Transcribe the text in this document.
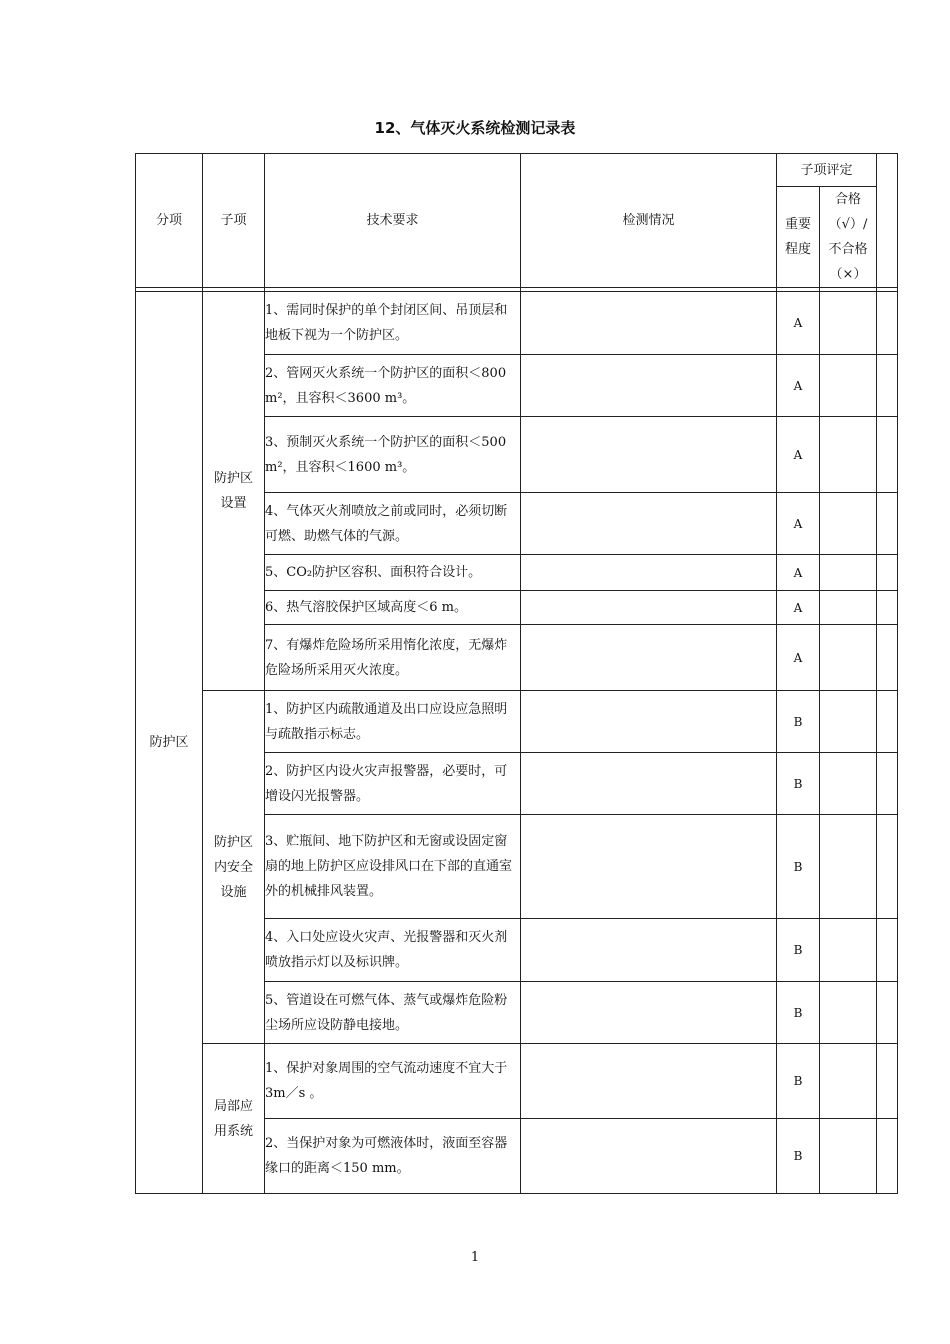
12、气体灭火系统检测记录表
分项	子项	技术要求	检测情况	子项评定		

				重要程度	合格（√）/不合格（×）	

防护区	防护区设置	1、需同时保护的单个封闭区间、吊顶层和地板下视为一个防护区。		A		
		2、管网灭火系统一个防护区的面积＜800 m²，且容积＜3600 m³。		A		
		3、预制灭火系统一个防护区的面积＜500 m²，且容积＜1600 m³。		A		
		4、气体灭火剂喷放之前或同时，必须切断可燃、助燃气体的气源。		A		
		5、CO₂防护区容积、面积符合设计。		A		
		6、热气溶胶保护区域高度＜6 m。		A		
		7、有爆炸危险场所采用惰化浓度，无爆炸危险场所采用灭火浓度。		A		

	防护区内安全设施	1、防护区内疏散通道及出口应设应急照明与疏散指示标志。		B		
		2、防护区内设火灾声报警器，必要时，可增设闪光报警器。		B		
		3、贮瓶间、地下防护区和无窗或设固定窗扇的地上防护区应设排风口在下部的直通室外的机械排风装置。		B		
		4、入口处应设火灾声、光报警器和灭火剂喷放指示灯以及标识牌。		B		
		5、管道设在可燃气体、蒸气或爆炸危险粉尘场所应设防静电接地。		B		

	局部应用系统	1、保护对象周围的空气流动速度不宜大于 3m／s 。		B		
		2、当保护对象为可燃液体时，液面至容器缘口的距离＜150 mm。		B		
1
